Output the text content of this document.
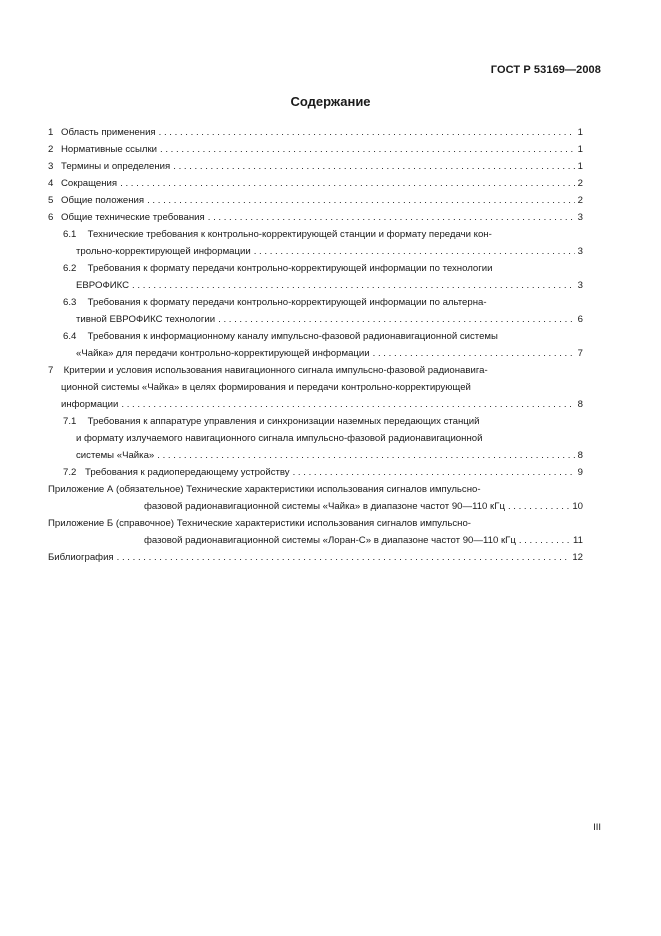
ГОСТ Р 53169—2008
Содержание
1 Область применения . . .	1
2 Нормативные ссылки . . .	1
3 Термины и определения . . .	1
4 Сокращения . . .	2
5 Общие положения . . .	2
6 Общие технические требования . . .	3
6.1 Технические требования к контрольно-корректирующей станции и формату передачи кон-
трольно-корректирующей информации . . .	3
6.2 Требования к формату передачи контрольно-корректирующей информации по технологии
ЕВРОФИКС . . .	3
6.3 Требования к формату передачи контрольно-корректирующей информации по альтерна-
тивной ЕВРОФИКС технологии . . .	6
6.4 Требования к информационному каналу импульсно-фазовой радионавигационной системы
«Чайка» для передачи контрольно-корректирующей информации . . .	7
7 Критерии и условия использования навигационного сигнала импульсно-фазовой радионавига-
ционной системы «Чайка» в целях формирования и передачи контрольно-корректирующей
информации . . .	8
7.1 Требования к аппаратуре управления и синхронизации наземных передающих станций
и формату излучаемого навигационного сигнала импульсно-фазовой радионавигационной
системы «Чайка» . . .	8
7.2 Требования к радиопередающему устройству . . .	9
Приложение А (обязательное) Технические характеристики использования сигналов импульсно-
фазовой радионавигационной системы «Чайка» в диапазоне частот 90—110 кГц . . .	10
Приложение Б (справочное) Технические характеристики использования сигналов импульсно-
фазовой радионавигационной системы «Лоран-С» в диапазоне частот 90—110 кГц . . .	11
Библиография . . .	12
III
